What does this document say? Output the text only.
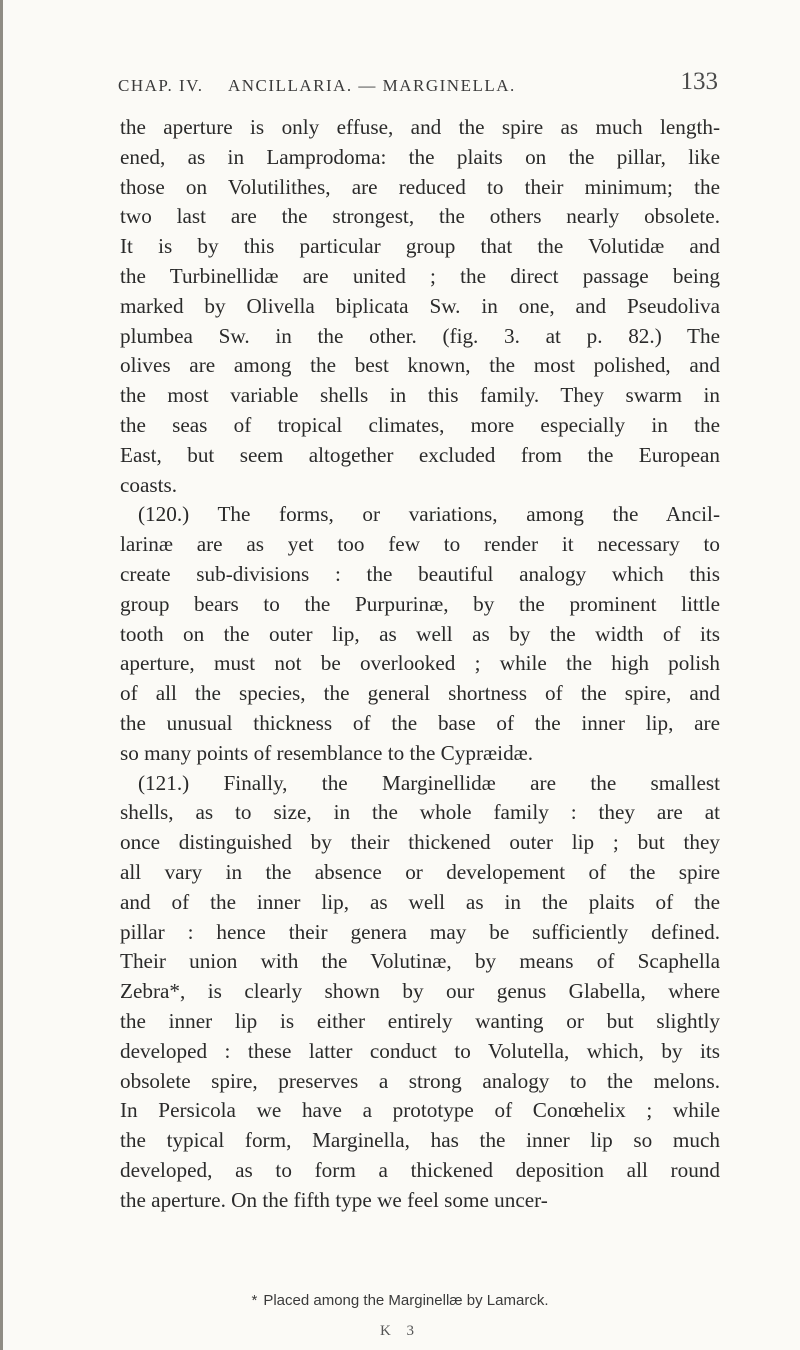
CHAP. IV. ANCILLARIA. — MARGINELLA.	133
the aperture is only effuse, and the spire as much length-
ened, as in Lamprodoma: the plaits on the pillar, like
those on Volutilithes, are reduced to their minimum; the
two last are the strongest, the others nearly obsolete.
It is by this particular group that the Volutidæ and
the Turbinellidæ are united ; the direct passage being
marked by Olivella biplicata Sw. in one, and Pseudoliva
plumbea Sw. in the other. (fig. 3. at p. 82.) The
olives are among the best known, the most polished, and
the most variable shells in this family. They swarm in
the seas of tropical climates, more especially in the
East, but seem altogether excluded from the European
coasts.
(120.) The forms, or variations, among the Ancil-
larinæ are as yet too few to render it necessary to
create sub-divisions : the beautiful analogy which this
group bears to the Purpurinæ, by the prominent little
tooth on the outer lip, as well as by the width of its
aperture, must not be overlooked ; while the high polish
of all the species, the general shortness of the spire, and
the unusual thickness of the base of the inner lip, are
so many points of resemblance to the Cypræidæ.
(121.) Finally, the Marginellidæ are the smallest
shells, as to size, in the whole family : they are at
once distinguished by their thickened outer lip ; but they
all vary in the absence or developement of the spire
and of the inner lip, as well as in the plaits of the
pillar : hence their genera may be sufficiently defined.
Their union with the Volutinæ, by means of Scaphella
Zebra*, is clearly shown by our genus Glabella, where
the inner lip is either entirely wanting or but slightly
developed : these latter conduct to Volutella, which, by its
obsolete spire, preserves a strong analogy to the melons.
In Persicola we have a prototype of Conœhelix ; while
the typical form, Marginella, has the inner lip so much
developed, as to form a thickened deposition all round
the aperture. On the fifth type we feel some uncer-
* Placed among the Marginellæ by Lamarck.
K 3
